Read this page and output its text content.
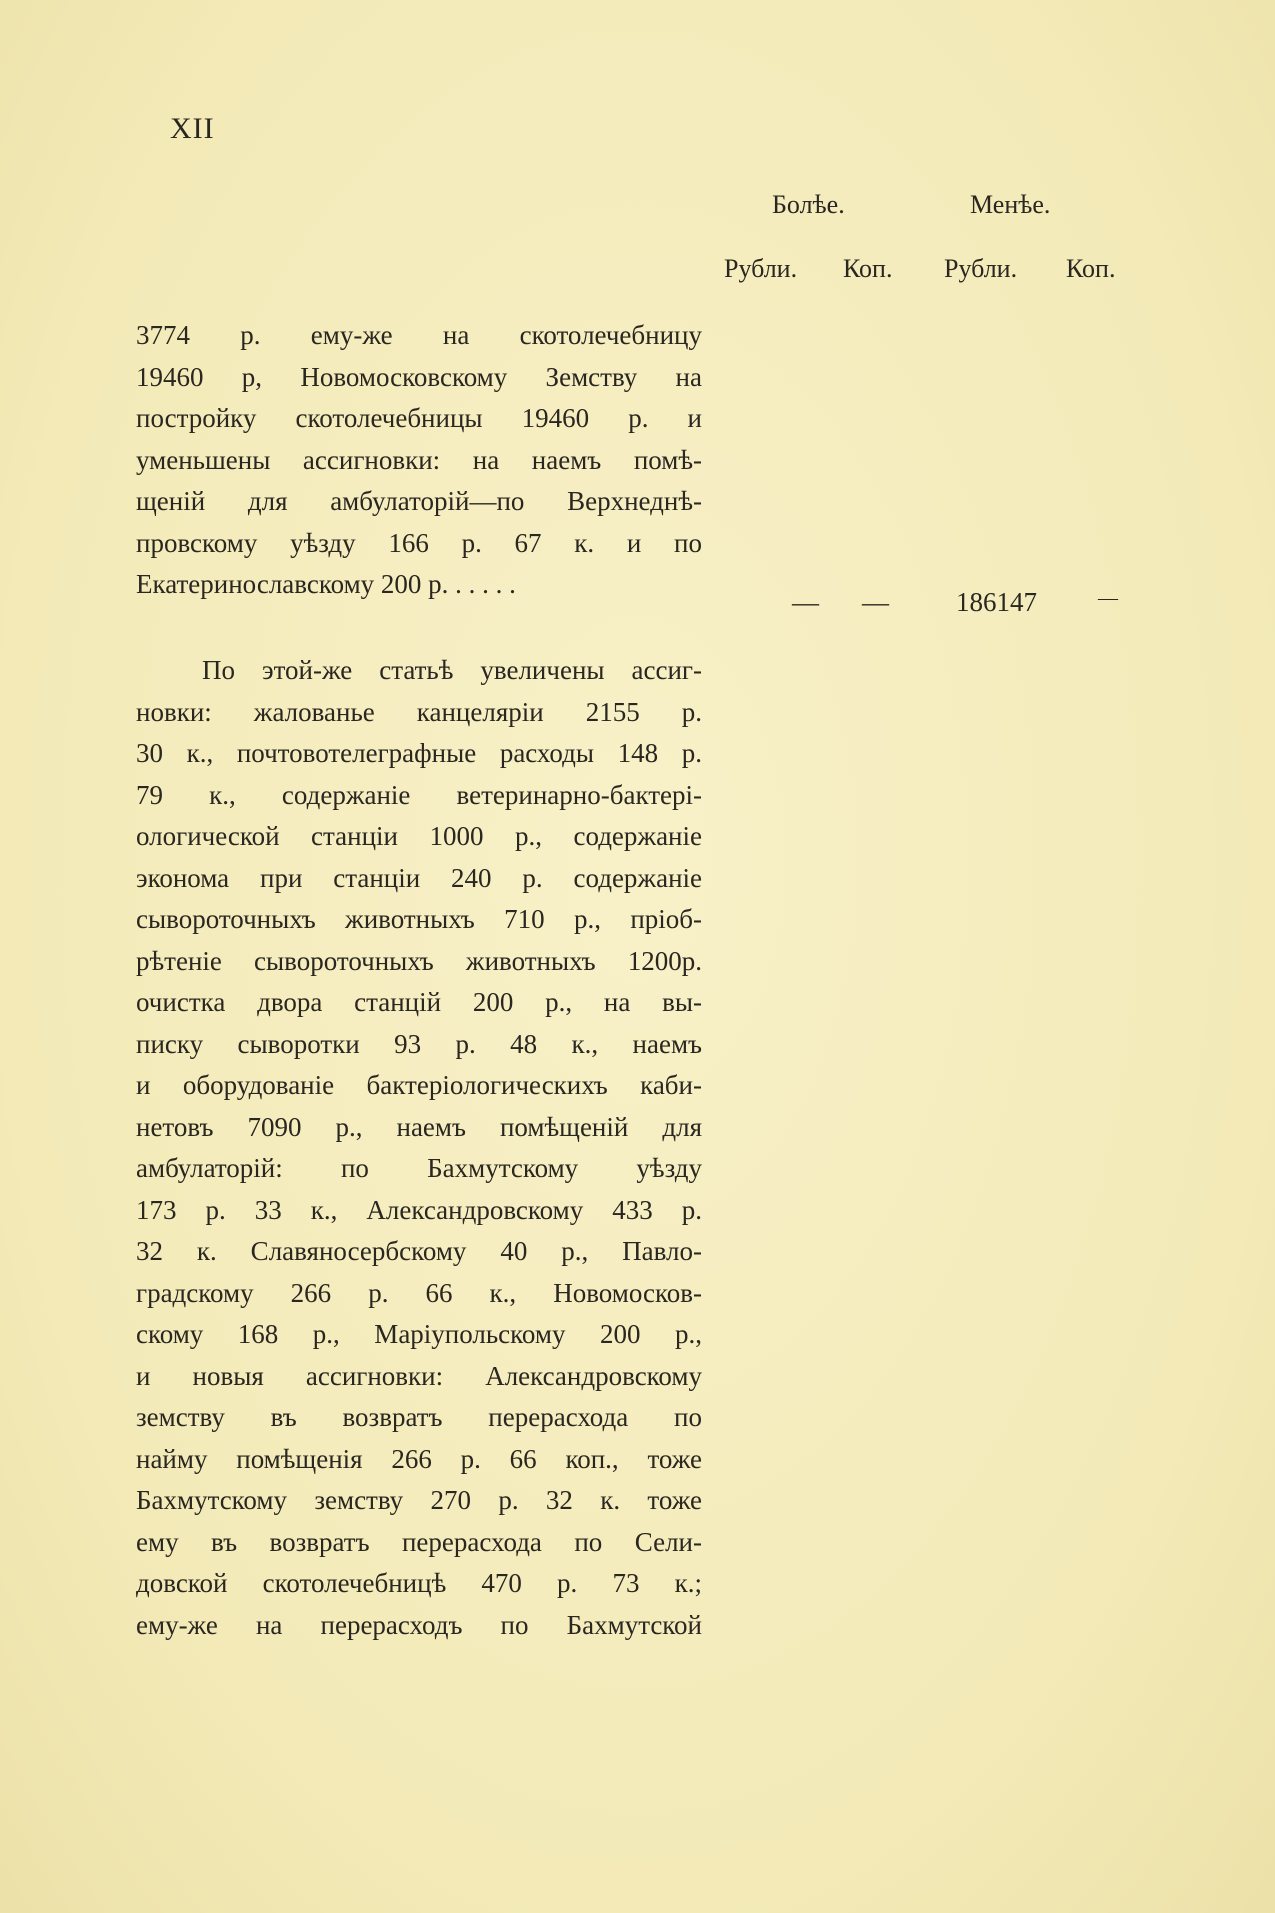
XII
Болѣе.	Менѣе.
Рубли. Коп. Рубли. Коп.
3774 р. ему-же на скотолечебницу
19460 р, Новомосковскому Земству на
постройку скотолечебницы 19460 р. и
уменьшены ассигновки: на наемъ помѣ-
щеній для амбулаторій—по Верхнеднѣ-
провскому уѣзду 166 р. 67 к. и по
Екатеринославскому 200 р. . . . . .
— — 186147	—
По этой-же статьѣ увеличены ассиг-
новки: жалованье канцеляріи 2155 р.
30 к., почтовотелеграфные расходы 148 р.
79 к., содержаніе ветеринарно-бактері-
ологической станціи 1000 р., содержаніе
эконома при станціи 240 р. содержаніе
сывороточныхъ животныхъ 710 р., пріоб-
рѣтеніе сывороточныхъ животныхъ 1200р.
очистка двора станцій 200 р., на вы-
писку сыворотки 93 р. 48 к., наемъ
и оборудованіе бактеріологическихъ каби-
нетовъ 7090 р., наемъ помѣщеній для
амбулаторій: по Бахмутскому уѣзду
173 р. 33 к., Александровскому 433 р.
32 к. Славяносербскому 40 р., Павло-
градскому 266 р. 66 к., Новомосков-
скому 168 р., Маріупольскому 200 р.,
и новыя ассигновки: Александровскому
земству въ возвратъ перерасхода по
найму помѣщенія 266 р. 66 коп., тоже
Бахмутскому земству 270 р. 32 к. тоже
ему въ возвратъ перерасхода по Сели-
довской скотолечебницѣ 470 р. 73 к.;
ему-же на перерасходъ по Бахмутской
